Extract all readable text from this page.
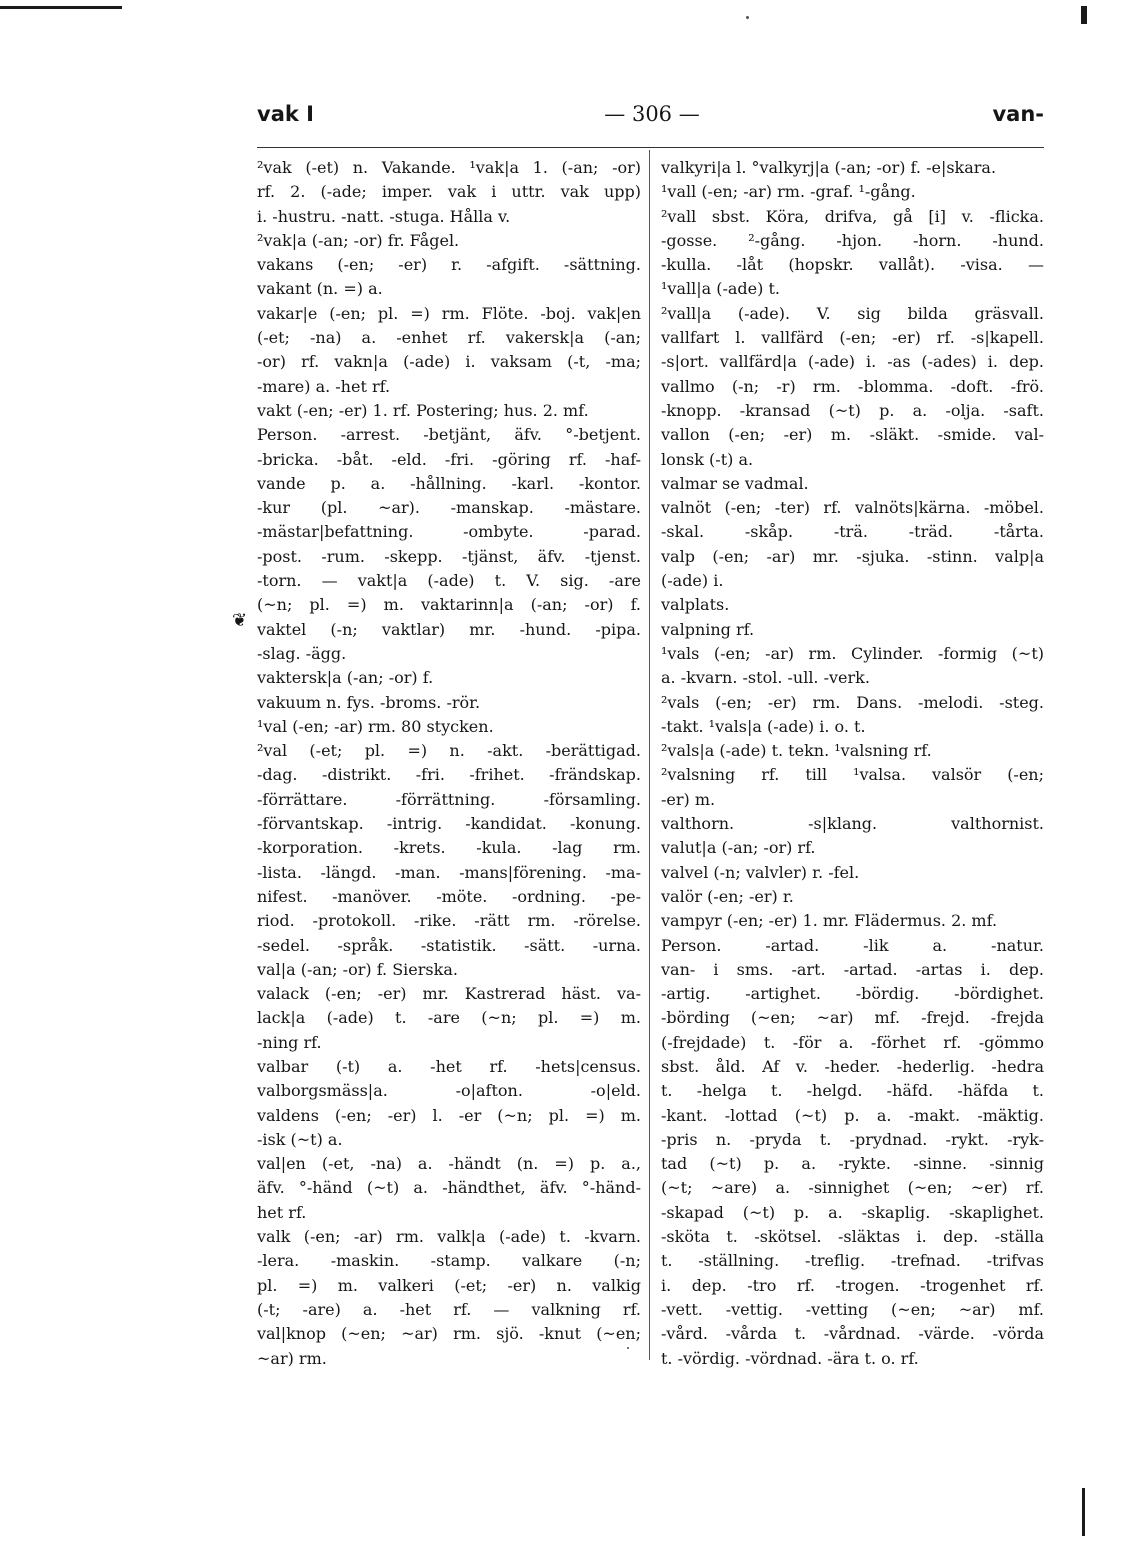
vak I	— 306 —	van-
❦
²vak (-et) n. Vakande. ¹vak|a 1. (-an; -or)
rf. 2. (-ade; imper. vak i uttr. vak upp)
i. -hustru. -natt. -stuga. Hålla v.
²vak|a (-an; -or) fr. Fågel.
vakans (-en; -er) r. -afgift. -sättning.
vakant (n. =) a.
vakar|e (-en; pl. =) rm. Flöte. -boj. vak|en
(-et; -na) a. -enhet rf. vakersk|a (-an;
-or) rf. vakn|a (-ade) i. vaksam (-t, -ma;
-mare) a. -het rf.
vakt (-en; -er) 1. rf. Postering; hus. 2. mf.
Person. -arrest. -betjänt, äfv. °-betjent.
-bricka. -båt. -eld. -fri. -göring rf. -haf-
vande p. a. -hållning. -karl. -kontor.
-kur (pl. ~ar). -manskap. -mästare.
-mästar|befattning. -ombyte. -parad.
-post. -rum. -skepp. -tjänst, äfv. -tjenst.
-torn. — vakt|a (-ade) t. V. sig. -are
(~n; pl. =) m. vaktarinn|a (-an; -or) f.
vaktel (-n; vaktlar) mr. -hund. -pipa.
-slag. -ägg.
vaktersk|a (-an; -or) f.
vakuum n. fys. -broms. -rör.
¹val (-en; -ar) rm. 80 stycken.
²val (-et; pl. =) n. -akt. -berättigad.
-dag. -distrikt. -fri. -frihet. -frändskap.
-förrättare. -förrättning. -församling.
-förvantskap. -intrig. -kandidat. -konung.
-korporation. -krets. -kula. -lag rm.
-lista. -längd. -man. -mans|förening. -ma-
nifest. -manöver. -möte. -ordning. -pe-
riod. -protokoll. -rike. -rätt rm. -rörelse.
-sedel. -språk. -statistik. -sätt. -urna.
val|a (-an; -or) f. Sierska.
valack (-en; -er) mr. Kastrerad häst. va-
lack|a (-ade) t. -are (~n; pl. =) m.
-ning rf.
valbar (-t) a. -het rf. -hets|census.
valborgsmäss|a. -o|afton. -o|eld.
valdens (-en; -er) l. -er (~n; pl. =) m.
-isk (~t) a.
val|en (-et, -na) a. -händt (n. =) p. a.,
äfv. °-händ (~t) a. -händthet, äfv. °-händ-
het rf.
valk (-en; -ar) rm. valk|a (-ade) t. -kvarn.
-lera. -maskin. -stamp. valkare (-n;
pl. =) m. valkeri (-et; -er) n. valkig
(-t; -are) a. -het rf. — valkning rf.
val|knop (~en; ~ar) rm. sjö. -knut (~en;
~ar) rm.
valkyri|a l. °valkyrj|a (-an; -or) f. -e|skara.
¹vall (-en; -ar) rm. -graf. ¹-gång.
²vall sbst. Köra, drifva, gå [i] v. -flicka.
-gosse. ²-gång. -hjon. -horn. -hund.
-kulla. -låt (hopskr. vallåt). -visa. —
¹vall|a (-ade) t.
²vall|a (-ade). V. sig bilda gräsvall.
vallfart l. vallfärd (-en; -er) rf. -s|kapell.
-s|ort. vallfärd|a (-ade) i. -as (-ades) i. dep.
vallmo (-n; -r) rm. -blomma. -doft. -frö.
-knopp. -kransad (~t) p. a. -olja. -saft.
vallon (-en; -er) m. -släkt. -smide. val-
lonsk (-t) a.
valmar se vadmal.
valnöt (-en; -ter) rf. valnöts|kärna. -möbel.
-skal. -skåp. -trä. -träd. -tårta.
valp (-en; -ar) mr. -sjuka. -stinn. valp|a
(-ade) i.
valplats.
valpning rf.
¹vals (-en; -ar) rm. Cylinder. -formig (~t)
a. -kvarn. -stol. -ull. -verk.
²vals (-en; -er) rm. Dans. -melodi. -steg.
-takt. ¹vals|a (-ade) i. o. t.
²vals|a (-ade) t. tekn. ¹valsning rf.
²valsning rf. till ¹valsa. valsör (-en;
-er) m.
valthorn. -s|klang. valthornist.
valut|a (-an; -or) rf.
valvel (-n; valvler) r. -fel.
valör (-en; -er) r.
vampyr (-en; -er) 1. mr. Flädermus. 2. mf.
Person. -artad. -lik a. -natur.
van- i sms. -art. -artad. -artas i. dep.
-artig. -artighet. -bördig. -bördighet.
-börding (~en; ~ar) mf. -frejd. -frejda
(-frejdade) t. -för a. -förhet rf. -gömmo
sbst. åld. Af v. -heder. -hederlig. -hedra
t. -helga t. -helgd. -häfd. -häfda t.
-kant. -lottad (~t) p. a. -makt. -mäktig.
-pris n. -pryda t. -prydnad. -rykt. -ryk-
tad (~t) p. a. -rykte. -sinne. -sinnig
(~t; ~are) a. -sinnighet (~en; ~er) rf.
-skapad (~t) p. a. -skaplig. -skaplighet.
-sköta t. -skötsel. -släktas i. dep. -ställa
t. -ställning. -treflig. -trefnad. -trifvas
i. dep. -tro rf. -trogen. -trogenhet rf.
-vett. -vettig. -vetting (~en; ~ar) mf.
-vård. -vårda t. -vårdnad. -värde. -vörda
t. -vördig. -vördnad. -ära t. o. rf.
